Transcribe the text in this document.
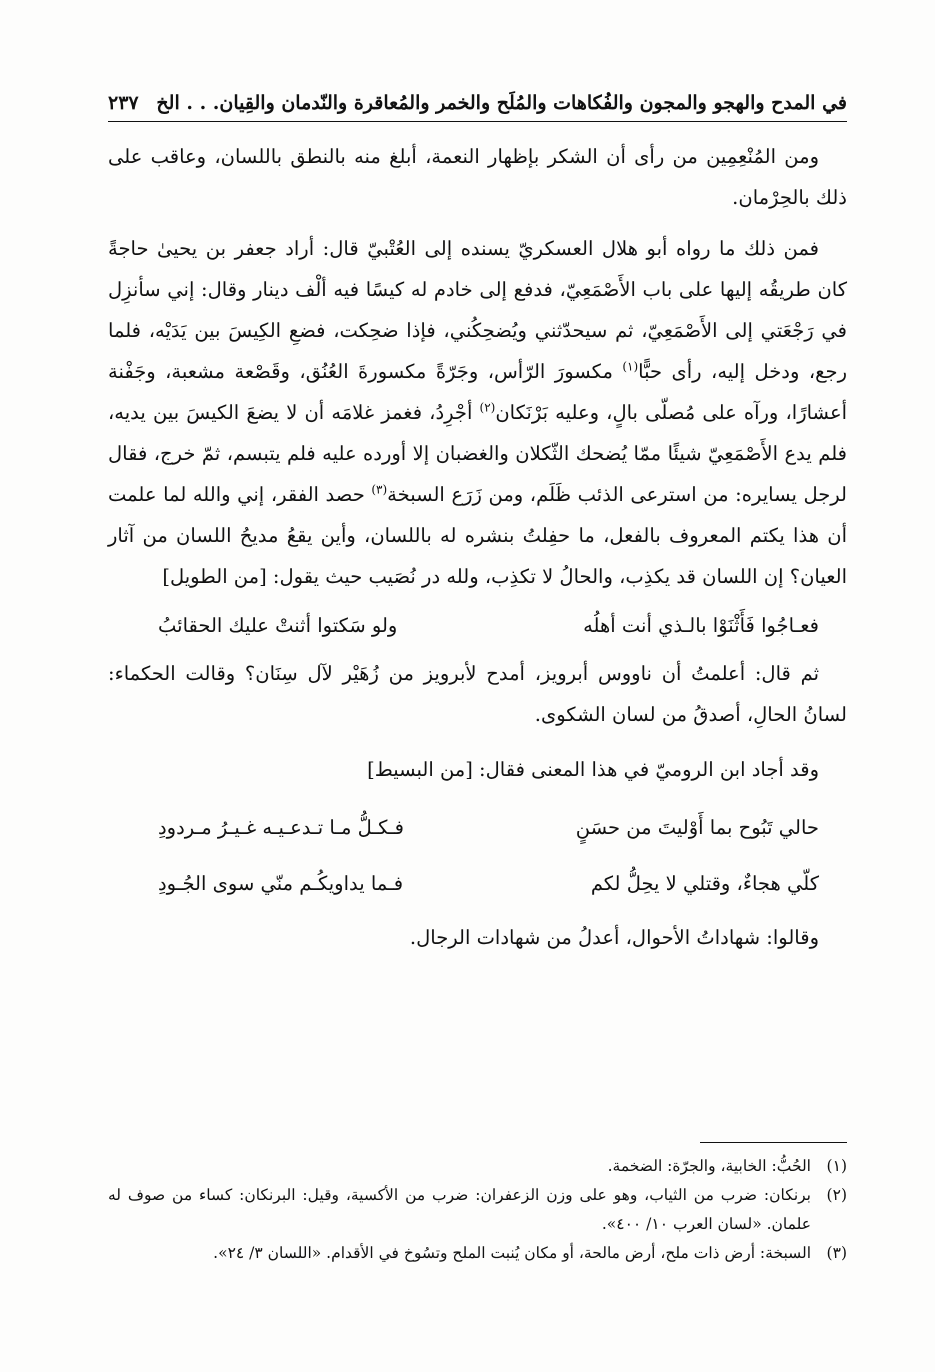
في المدح والهجو والمجون والفُكاهات والمُلَح والخمر والمُعاقرة والنّدمان والقِيان. . . الخ
٢٣٧

ومن المُنْعِمِين من رأى أن الشكر بإظهار النعمة، أبلغ منه بالنطق باللسان، وعاقب على ذلك بالحِرْمان.

فمن ذلك ما رواه أبو هلال العسكريّ يسنده إلى العُتْبيّ قال: أراد جعفر بن يحيىٰ حاجةً كان طريقُه إليها على باب الأَصْمَعِيّ، فدفع إلى خادم له كيسًا فيه ألْف دينار وقال: إني سأنزِل في رَجْعَتي إلى الأَصْمَعِيّ، ثم سيحدّثني ويُضحِكُني، فإذا ضحِكت، فضعِ الكِيسَ بين يَدَيْه، فلما رجع، ودخل إليه، رأى حبًّا$^{(١)}$ مكسورَ الرّأس، وجَرّةً مكسورةَ العُنُق، وقَصْعة مشعبة، وجَفْنة أعشارًا، ورآه على مُصلّى بالٍ، وعليه بَرْنَكان$^{(٢)}$ أجْرِدُ، فغمز غلامَه أن لا يضعَ الكيسَ بين يديه، فلم يدع الأَصْمَعِيّ شيئًا ممّا يُضحك الثّكلان والغضبان إلا أورده عليه فلم يتبسم، ثمّ خرج، فقال لرجل يسايره: من استرعى الذئب ظَلَم، ومن زَرَع السبخة$^{(٣)}$ حصد الفقر، إني والله لما علمت أن هذا يكتم المعروف بالفعل، ما حفِلتُ بنشره له باللسان، وأين يقعُ مديحُ اللسان من آثار العيان؟ إن اللسان قد يكذِب، والحالُ لا تكذِب، ولله در نُصَيب حيث يقول: [من الطويل]

فعـاجُوا فَأَثْنَوْا بالـذي أنت أهلُه
ولو سَكتوا أثنتْ عليك الحقائبُ

ثم قال: أعلمتُ أن ناووس أبرويز، أمدح لأبرويز من زُهَيْر لآل سِنَان؟ وقالت الحكماء: لسانُ الحالِ، أصدقُ من لسان الشكوى.

وقد أجاد ابن الروميّ في هذا المعنى فقال: [من البسيط]

حالي تَبُوح بما أَوْليتَ من حسَنٍ
فـكـلُّ مـا تـدعـيـه غـيـرُ مـردودِ
كلّي هجاءٌ، وقتلي لا يحِلُّ لكم
فـما يداويكُـم منّي سوى الجُـودِ

وقالوا: شهاداتُ الأحوال، أعدلُ من شهادات الرجال.

(١)
الحُبُّ: الخابية، والجرّة: الضخمة.
(٢)
برنكان: ضرب من الثياب، وهو على وزن الزعفران: ضرب من الأكسية، وقيل: البرنكان: كساء من صوف له علمان. «لسان العرب ١٠/ ٤٠٠».
(٣)
السبخة: أرض ذات ملح، أرض مالحة، أو مكان يُنبت الملح وتسُوخ في الأقدام. «اللسان ٣/ ٢٤».
